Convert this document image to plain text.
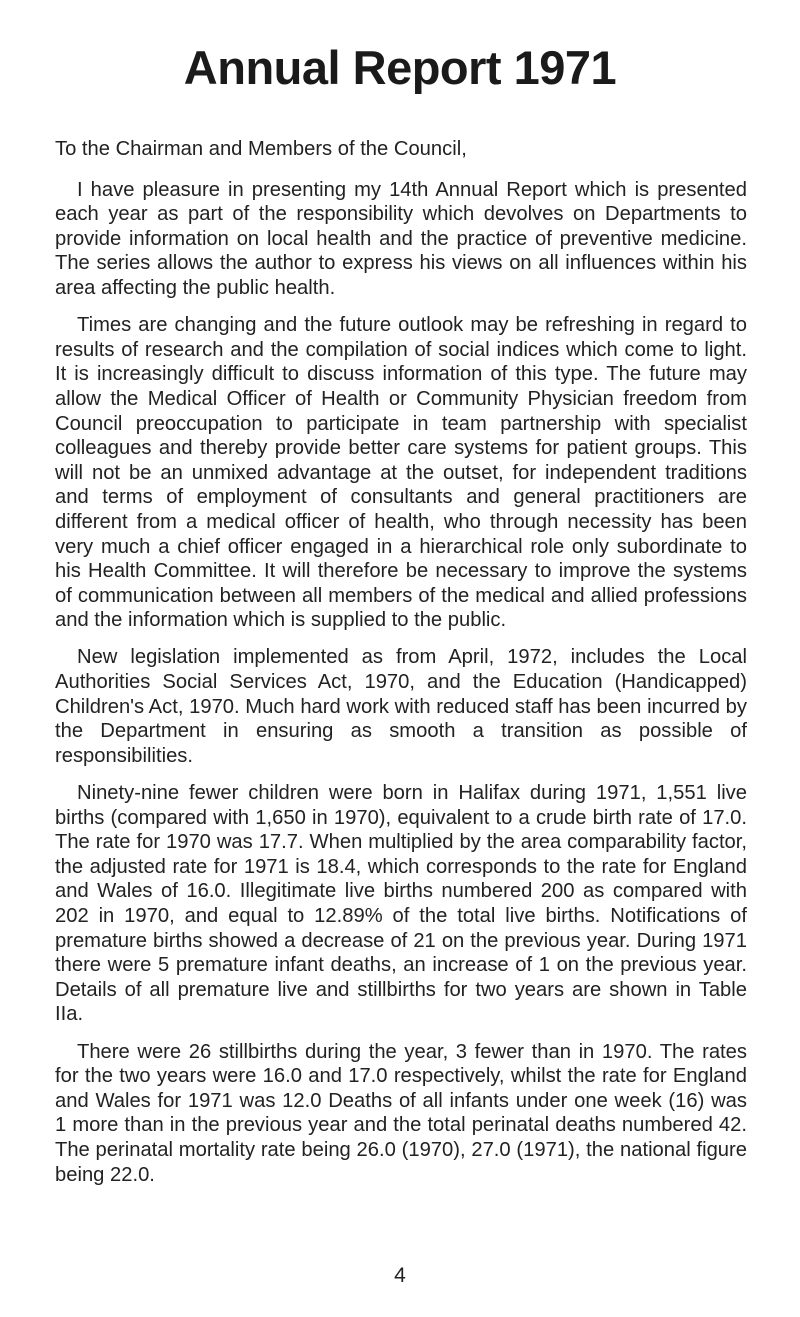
Annual Report 1971

To the Chairman and Members of the Council,

I have pleasure in presenting my 14th Annual Report which is presented each year as part of the responsibility which devolves on Departments to provide information on local health and the practice of preventive medicine. The series allows the author to express his views on all influences within his area affecting the public health.

Times are changing and the future outlook may be refreshing in regard to results of research and the compilation of social indices which come to light. It is increasingly difficult to discuss information of this type. The future may allow the Medical Officer of Health or Community Physician freedom from Council preoccupation to participate in team partnership with specialist colleagues and thereby provide better care systems for patient groups. This will not be an unmixed advantage at the outset, for independent traditions and terms of employment of consultants and general practitioners are different from a medical officer of health, who through necessity has been very much a chief officer engaged in a hierarchical role only subordinate to his Health Committee. It will therefore be necessary to improve the systems of communication between all members of the medical and allied professions and the information which is supplied to the public.

New legislation implemented as from April, 1972, includes the Local Authorities Social Services Act, 1970, and the Education (Handicapped) Children's Act, 1970. Much hard work with reduced staff has been incurred by the Department in ensuring as smooth a transition as possible of responsibilities.

Ninety-nine fewer children were born in Halifax during 1971, 1,551 live births (compared with 1,650 in 1970), equivalent to a crude birth rate of 17.0. The rate for 1970 was 17.7. When multiplied by the area comparability factor, the adjusted rate for 1971 is 18.4, which corresponds to the rate for England and Wales of 16.0. Illegitimate live births numbered 200 as compared with 202 in 1970, and equal to 12.89% of the total live births. Notifications of premature births showed a decrease of 21 on the previous year. During 1971 there were 5 premature infant deaths, an increase of 1 on the previous year. Details of all premature live and stillbirths for two years are shown in Table IIa.

There were 26 stillbirths during the year, 3 fewer than in 1970. The rates for the two years were 16.0 and 17.0 respectively, whilst the rate for England and Wales for 1971 was 12.0 Deaths of all infants under one week (16) was 1 more than in the previous year and the total perinatal deaths numbered 42. The perinatal mortality rate being 26.0 (1970), 27.0 (1971), the national figure being 22.0.

4
